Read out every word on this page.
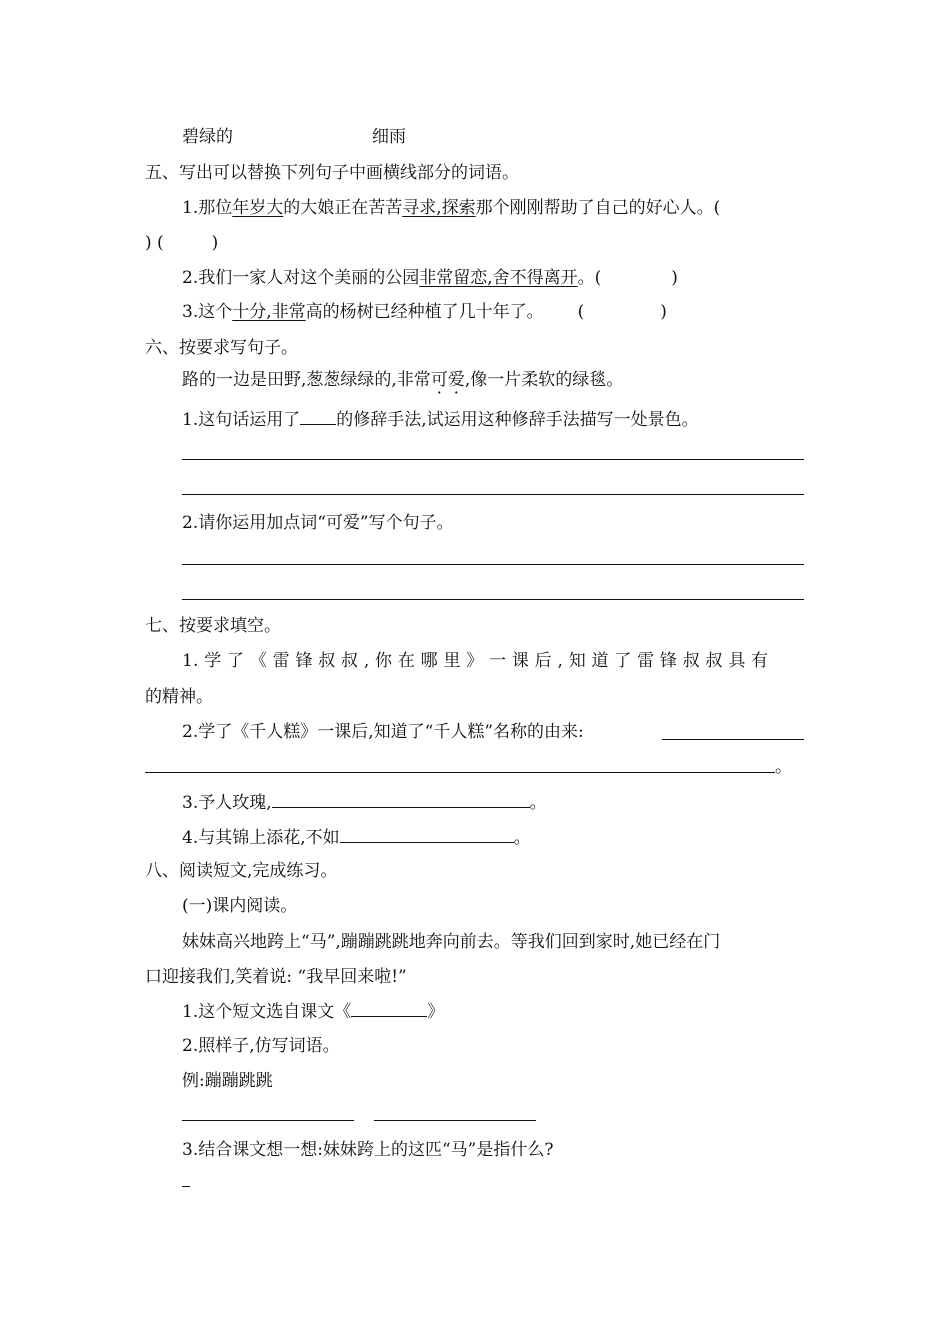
碧绿的	细雨
五、写出可以替换下列句子中画横线部分的词语。
1.那位年岁大的大娘正在苦苦寻求,探索那个刚刚帮助了自己的好心人。(
) (	)
2.我们一家人对这个美丽的公园非常留恋,舍不得离开。(	)
3.这个十分,非常高的杨树已经种植了几十年了。 (	)
六、按要求写句子。
路的一边是田野,葱葱绿绿的,非常可爱,像一片柔软的绿毯。
1.这句话运用了 的修辞手法,试运用这种修辞手法描写一处景色。
2.请你运用加点词“可爱”写个句子。
七、按要求填空。
1. 学 了 《 雷 锋 叔 叔 , 你 在 哪 里 》 一 课 后 , 知 道 了 雷 锋 叔 叔 具 有
的精神。
2.学了《千人糕》一课后,知道了“千人糕”名称的由来:
。
3.予人玫瑰,	。
4.与其锦上添花,不如	。
八、阅读短文,完成练习。
(一)课内阅读。
妹妹高兴地跨上“马”,蹦蹦跳跳地奔向前去。等我们回到家时,她已经在门
口迎接我们,笑着说: “我早回来啦!”
1.这个短文选自课文《	》
2.照样子,仿写词语。
例:蹦蹦跳跳
3.结合课文想一想:妹妹跨上的这匹“马”是指什么?
